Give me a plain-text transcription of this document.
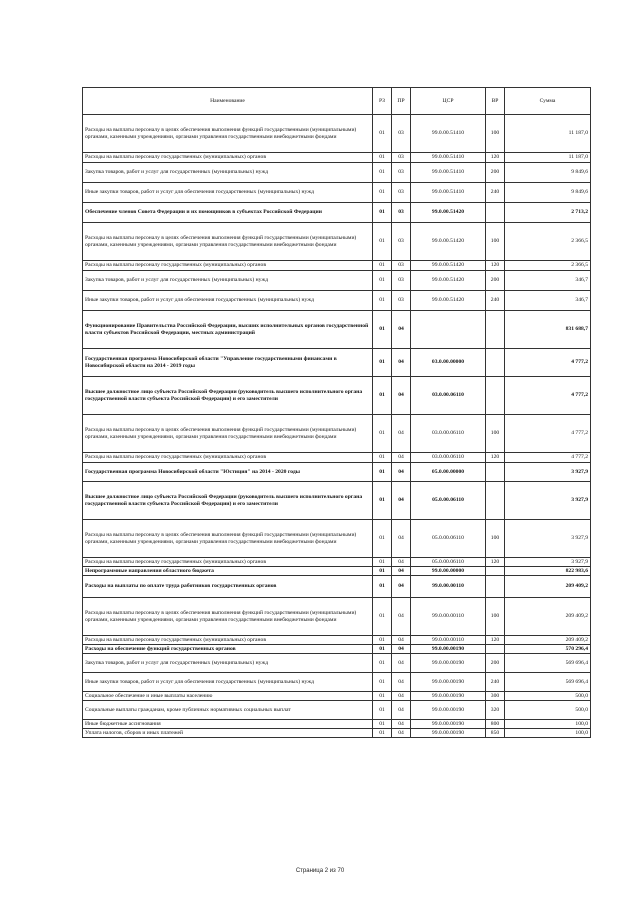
Наименование	РЗ	ПР	ЦСР	ВР	Сумма
Расходы на выплаты персоналу в целях обеспечения выполнения функций государственными (муниципальными) органами, казенными учреждениями, органами управления государственными внебюджетными фондами	01	03	99.0.00.51410	100	11 187,0
Расходы на выплаты персоналу государственных (муниципальных) органов	01	03	99.0.00.51410	120	11 187,0
Закупка товаров, работ и услуг для государственных (муниципальных) нужд	01	03	99.0.00.51410	200	9 849,6
Иные закупки товаров, работ и услуг для обеспечения государственных (муниципальных) нужд	01	03	99.0.00.51410	240	9 849,6
Обеспечение членов Совета Федерации и их помощников в субъектах Российской Федерации	01	03	99.0.00.51420		2 713,2
Расходы на выплаты персоналу в целях обеспечения выполнения функций государственными (муниципальными) органами, казенными учреждениями, органами управления государственными внебюджетными фондами	01	03	99.0.00.51420	100	2 366,5
Расходы на выплаты персоналу государственных (муниципальных) органов	01	03	99.0.00.51420	120	2 366,5
Закупка товаров, работ и услуг для государственных (муниципальных) нужд	01	03	99.0.00.51420	200	346,7
Иные закупки товаров, работ и услуг для обеспечения государственных (муниципальных) нужд	01	03	99.0.00.51420	240	346,7
Функционирование Правительства Российской Федерации, высших исполнительных органов государственной власти субъектов Российской Федерации, местных администраций	01	04			831 688,7
Государственная программа Новосибирской области "Управление государственными финансами в Новосибирской области на 2014 - 2019 годы	01	04	03.0.00.00000		4 777,2
Высшее должностное лицо субъекта Российской Федерации (руководитель высшего исполнительного органа государственной власти субъекта Российской Федерации) и его заместители	01	04	03.0.00.06110		4 777,2
Расходы на выплаты персоналу в целях обеспечения выполнения функций государственными (муниципальными) органами, казенными учреждениями, органами управления государственными внебюджетными фондами	01	04	03.0.00.06110	100	4 777,2
Расходы на выплаты персоналу государственных (муниципальных) органов	01	04	03.0.00.06110	120	4 777,2
Государственная программа Новосибирской области "Юстиция" на 2014 - 2020 годы	01	04	05.0.00.00000		3 927,9
Высшее должностное лицо субъекта Российской Федерации (руководитель высшего исполнительного органа государственной власти субъекта Российской Федерации) и его заместители	01	04	05.0.00.06110		3 927,9
Расходы на выплаты персоналу в целях обеспечения выполнения функций государственными (муниципальными) органами, казенными учреждениями, органами управления государственными внебюджетными фондами	01	04	05.0.00.06110	100	3 927,9
Расходы на выплаты персоналу государственных (муниципальных) органов	01	04	05.0.00.06110	120	3 927,9
Непрограммные направления областного бюджета	01	04	99.0.00.00000		822 983,6
Расходы на выплаты по оплате труда работников государственных органов	01	04	99.0.00.00110		209 409,2
Расходы на выплаты персоналу в целях обеспечения выполнения функций государственными (муниципальными) органами, казенными учреждениями, органами управления государственными внебюджетными фондами	01	04	99.0.00.00110	100	209 409,2
Расходы на выплаты персоналу государственных (муниципальных) органов	01	04	99.0.00.00110	120	209 409,2
Расходы на обеспечение функций государственных органов	01	04	99.0.00.00190		570 296,4
Закупка товаров, работ и услуг для государственных (муниципальных) нужд	01	04	99.0.00.00190	200	569 696,4
Иные закупки товаров, работ и услуг для обеспечения государственных (муниципальных) нужд	01	04	99.0.00.00190	240	569 696,4
Социальное обеспечение и иные выплаты населению	01	04	99.0.00.00190	300	500,0
Социальные выплаты гражданам, кроме публичных нормативных социальных выплат	01	04	99.0.00.00190	320	500,0
Иные бюджетные ассигнования	01	04	99.0.00.00190	800	100,0
Уплата налогов, сборов и иных платежей	01	04	99.0.00.00190	850	100,0
Страница 2 из 70
